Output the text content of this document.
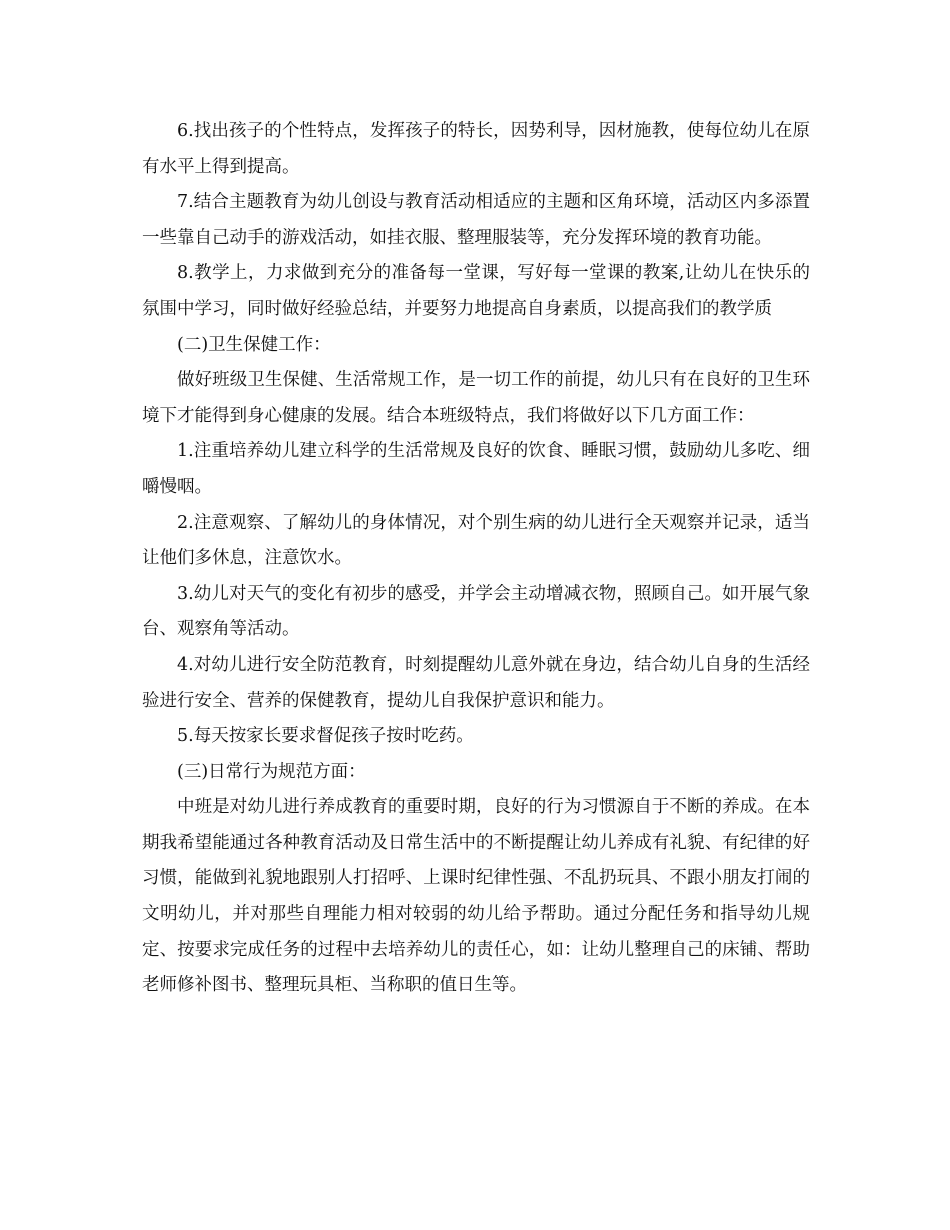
6.找出孩子的个性特点，发挥孩子的特长，因势利导，因材施教，使每位幼儿在原有水平上得到提高。

7.结合主题教育为幼儿创设与教育活动相适应的主题和区角环境，活动区内多添置一些靠自己动手的游戏活动，如挂衣服、整理服装等，充分发挥环境的教育功能。

8.教学上，力求做到充分的准备每一堂课，写好每一堂课的教案,让幼儿在快乐的氛围中学习，同时做好经验总结，并要努力地提高自身素质，以提高我们的教学质

(二)卫生保健工作：

做好班级卫生保健、生活常规工作，是一切工作的前提，幼儿只有在良好的卫生环境下才能得到身心健康的发展。结合本班级特点，我们将做好以下几方面工作：

1.注重培养幼儿建立科学的生活常规及良好的饮食、睡眠习惯，鼓励幼儿多吃、细嚼慢咽。

2.注意观察、了解幼儿的身体情况，对个别生病的幼儿进行全天观察并记录，适当让他们多休息，注意饮水。

3.幼儿对天气的变化有初步的感受，并学会主动增减衣物，照顾自己。如开展气象台、观察角等活动。

4.对幼儿进行安全防范教育，时刻提醒幼儿意外就在身边，结合幼儿自身的生活经验进行安全、营养的保健教育，提幼儿自我保护意识和能力。

5.每天按家长要求督促孩子按时吃药。

(三)日常行为规范方面：

中班是对幼儿进行养成教育的重要时期，良好的行为习惯源自于不断的养成。在本期我希望能通过各种教育活动及日常生活中的不断提醒让幼儿养成有礼貌、有纪律的好习惯，能做到礼貌地跟别人打招呼、上课时纪律性强、不乱扔玩具、不跟小朋友打闹的文明幼儿，并对那些自理能力相对较弱的幼儿给予帮助。通过分配任务和指导幼儿规定、按要求完成任务的过程中去培养幼儿的责任心，如：让幼儿整理自己的床铺、帮助老师修补图书、整理玩具柜、当称职的值日生等。
